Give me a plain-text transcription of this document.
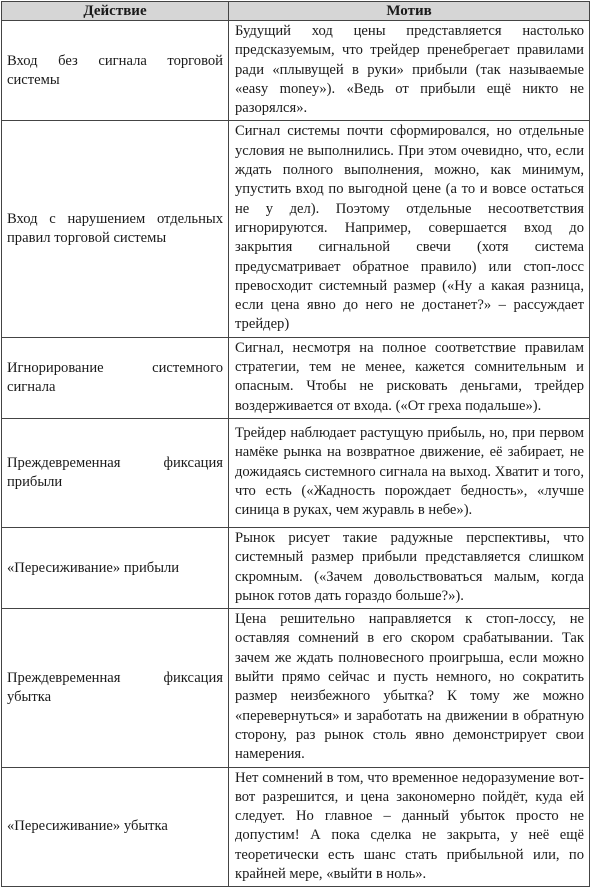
Действие	Мотив
Вход без сигнала торговой системы	Будущий ход цены представляется настолько предсказуемым, что трейдер пренебрегает правилами ради «плывущей в руки» прибыли (так называемые «easy money»). «Ведь от прибыли ещё никто не разорялся».
Вход с нарушением отдельных правил торговой системы	Сигнал системы почти сформировался, но отдельные условия не выполнились. При этом очевидно, что, если ждать полного выполнения, можно, как минимум, упустить вход по выгодной цене (а то и вовсе остаться не у дел). Поэтому отдельные несоответствия игнорируются. Например, совершается вход до закрытия сигнальной свечи (хотя система предусматривает обратное правило) или стоп-лосс превосходит системный размер («Ну а какая разница, если цена явно до него не достанет?» – рассуждает трейдер)
Игнорирование системного сигнала	Сигнал, несмотря на полное соответствие правилам стратегии, тем не менее, кажется сомнительным и опасным. Чтобы не рисковать деньгами, трейдер воздерживается от входа. («От греха подальше»).
Преждевременная фиксация прибыли	Трейдер наблюдает растущую прибыль, но, при первом намёке рынка на возвратное движение, её забирает, не дожидаясь системного сигнала на выход. Хватит и того, что есть («Жадность порождает бедность», «лучше синица в руках, чем журавль в небе»).
«Пересиживание» прибыли	Рынок рисует такие радужные перспективы, что системный размер прибыли представляется слишком скромным. («Зачем довольствоваться малым, когда рынок готов дать гораздо больше?»).
Преждевременная фиксация убытка	Цена решительно направляется к стоп-лоссу, не оставляя сомнений в его скором срабатывании. Так зачем же ждать полновесного проигрыша, если можно выйти прямо сейчас и пусть немного, но сократить размер неизбежного убытка? К тому же можно «перевернуться» и заработать на движении в обратную сторону, раз рынок столь явно демонстрирует свои намерения.
«Пересиживание» убытка	Нет сомнений в том, что временное недоразумение вот-вот разрешится, и цена закономерно пойдёт, куда ей следует. Но главное – данный убыток просто не допустим! А пока сделка не закрыта, у неё ещё теоретически есть шанс стать прибыльной или, по крайней мере, «выйти в ноль».
